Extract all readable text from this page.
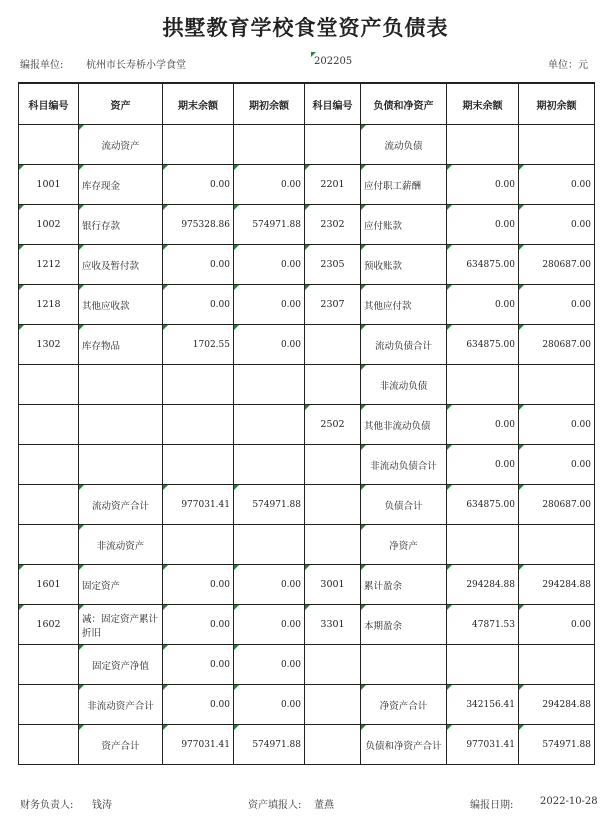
拱墅教育学校食堂资产负债表
编报单位: 杭州市长寿桥小学食堂	202205	单位：元
科目编号	资产	期末余额	期初余额	科目编号	负债和净资产	期末余额	期初余额
	流动资产				流动负债		
1001	库存现金	0.00	0.00	2201	应付职工薪酬	0.00	0.00
1002	银行存款	975328.86	574971.88	2302	应付账款	0.00	0.00
1212	应收及暂付款	0.00	0.00	2305	预收账款	634875.00	280687.00
1218	其他应收款	0.00	0.00	2307	其他应付款	0.00	0.00
1302	库存物品	1702.55	0.00		流动负债合计	634875.00	280687.00
					非流动负债		
				2502	其他非流动负债	0.00	0.00
					非流动负债合计	0.00	0.00
	流动资产合计	977031.41	574971.88		负债合计	634875.00	280687.00
	非流动资产				净资产		
1601	固定资产	0.00	0.00	3001	累计盈余	294284.88	294284.88
1602	减：固定资产累计折旧	0.00	0.00	3301	本期盈余	47871.53	0.00
	固定资产净值	0.00	0.00				
	非流动资产合计	0.00	0.00		净资产合计	342156.41	294284.88
	资产合计	977031.41	574971.88		负债和净资产合计	977031.41	574971.88
财务负责人: 钱涛	资产填报人: 董燕	编报日期:	2022-10-28
